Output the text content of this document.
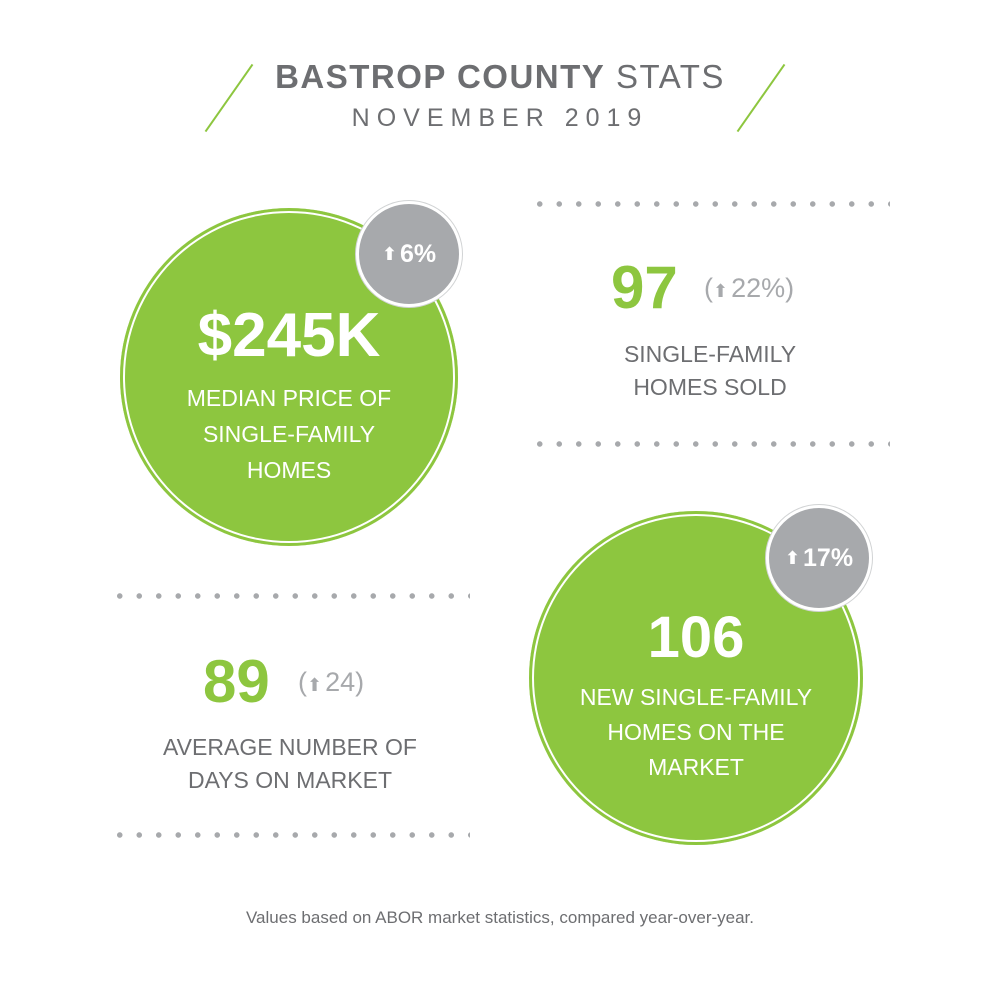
BASTROP COUNTY STATS
NOVEMBER 2019
$245K
MEDIAN PRICE OF
SINGLE-FAMILY
HOMES
⬆ 6%
97 (⬆ 22%)
SINGLE-FAMILY
HOMES SOLD
89 (⬆ 24)
AVERAGE NUMBER OF
DAYS ON MARKET
106
NEW SINGLE-FAMILY
HOMES ON THE
MARKET
⬆ 17%
Values based on ABOR market statistics, compared year-over-year.
